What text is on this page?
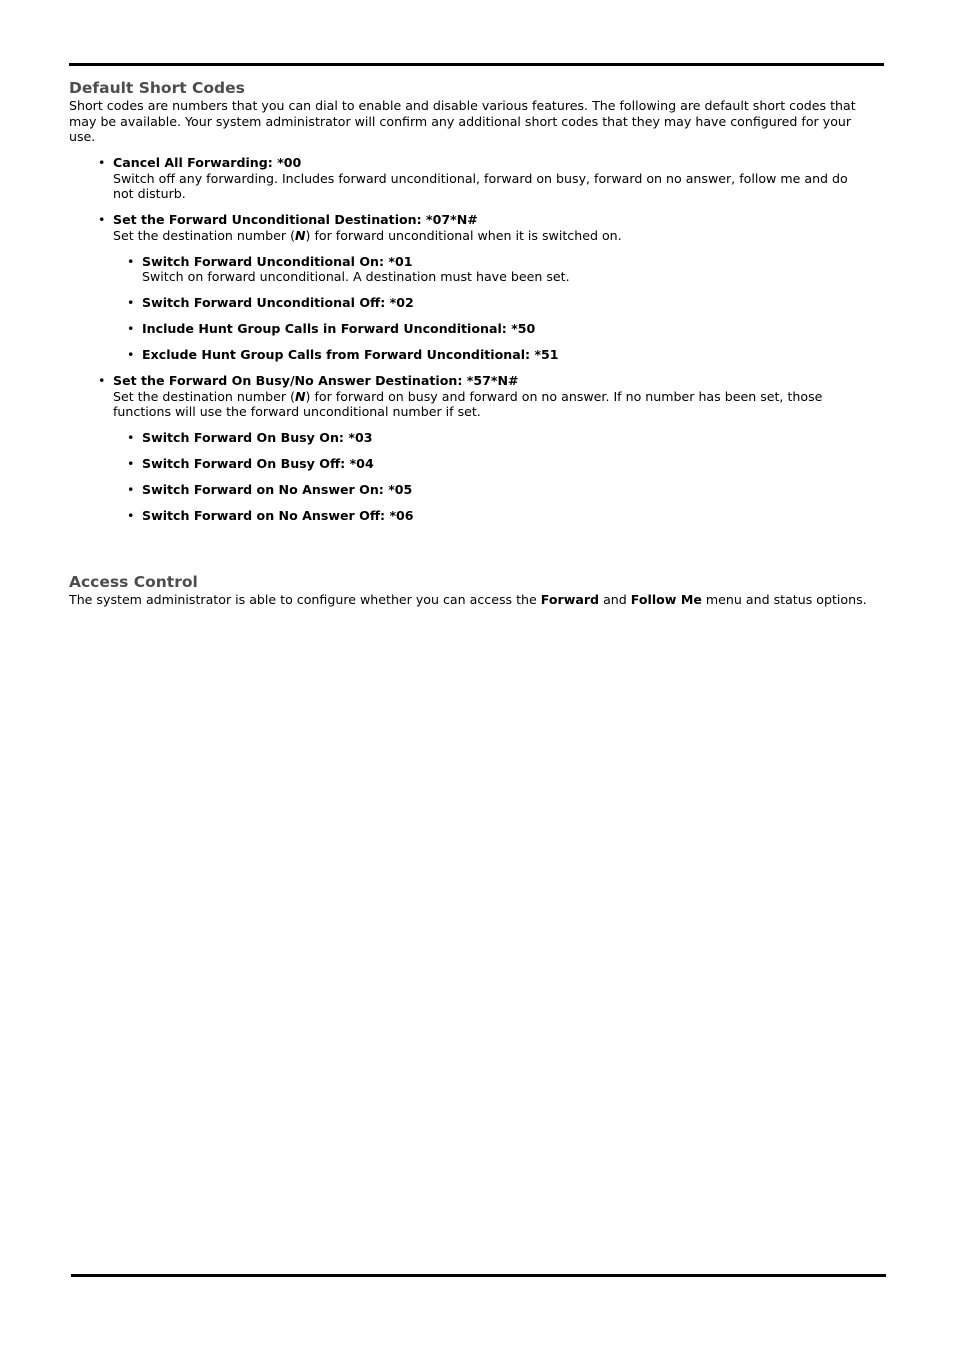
Default Short Codes

Short codes are numbers that you can dial to enable and disable various features. The following are default short codes that may be available. Your system administrator will confirm any additional short codes that they may have configured for your use.

• Cancel All Forwarding: *00
Switch off any forwarding. Includes forward unconditional, forward on busy, forward on no answer, follow me and do not disturb.
• Set the Forward Unconditional Destination: *07*N#
Set the destination number (N) for forward unconditional when it is switched on.
• Switch Forward Unconditional On: *01
Switch on forward unconditional. A destination must have been set.
• Switch Forward Unconditional Off: *02
• Include Hunt Group Calls in Forward Unconditional: *50
• Exclude Hunt Group Calls from Forward Unconditional: *51
• Set the Forward On Busy/No Answer Destination: *57*N#
Set the destination number (N) for forward on busy and forward on no answer. If no number has been set, those functions will use the forward unconditional number if set.
• Switch Forward On Busy On: *03
• Switch Forward On Busy Off: *04
• Switch Forward on No Answer On: *05
• Switch Forward on No Answer Off: *06
Access Control

The system administrator is able to configure whether you can access the Forward and Follow Me menu and status options.
